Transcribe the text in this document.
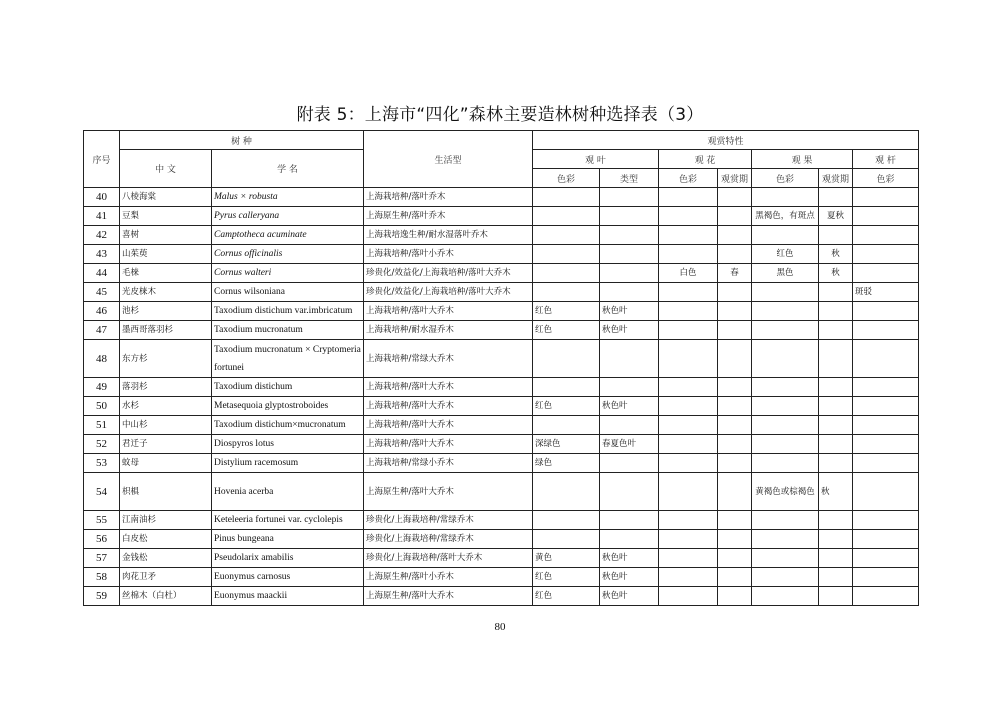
附表 5：上海市“四化”森林主要造林树种选择表（3）
序号	树 种		生活型	观赏特性						
	中 文	学 名		观 叶		观 花		观 果		观 杆
				色彩	类型	色彩	观赏期	色彩	观赏期	色彩
40	八棱海棠	Malus × robusta	上海栽培种/落叶乔木							
41	豆梨	Pyrus calleryana	上海原生种/落叶乔木					黑褐色，有斑点	夏秋	
42	喜树	Camptotheca acuminate	上海栽培逸生种/耐水湿落叶乔木							
43	山茱萸	Cornus officinalis	上海栽培种/落叶小乔木					红色	秋	
44	毛梾	Cornus walteri	珍贵化/效益化/上海栽培种/落叶大乔木			白色	春	黑色	秋	
45	光皮梾木	Cornus wilsoniana	珍贵化/效益化/上海栽培种/落叶大乔木							斑驳
46	池杉	Taxodium distichum var.imbricatum	上海栽培种/落叶大乔木	红色	秋色叶					
47	墨西哥落羽杉	Taxodium mucronatum	上海栽培种/耐水湿乔木	红色	秋色叶					
48	东方杉	Taxodium mucronatum × Cryptomeria fortunei	上海栽培种/常绿大乔木							
49	落羽杉	Taxodium distichum	上海栽培种/落叶大乔木							
50	水杉	Metasequoia glyptostroboides	上海栽培种/落叶大乔木	红色	秋色叶					
51	中山杉	Taxodium distichum×mucronatum	上海栽培种/落叶大乔木							
52	君迁子	Diospyros lotus	上海栽培种/落叶大乔木	深绿色	春夏色叶					
53	蚊母	Distylium racemosum	上海栽培种/常绿小乔木	绿色						
54	枳椇	Hovenia acerba	上海原生种/落叶大乔木					黄褐色或棕褐色	秋	
55	江南油杉	Keteleeria fortunei var. cyclolepis	珍贵化/上海栽培种/常绿乔木							
56	白皮松	Pinus bungeana	珍贵化/上海栽培种/常绿乔木							
57	金钱松	Pseudolarix amabilis	珍贵化/上海栽培种/落叶大乔木	黄色	秋色叶					
58	肉花卫矛	Euonymus carnosus	上海原生种/落叶小乔木	红色	秋色叶					
59	丝棉木（白杜）	Euonymus maackii	上海原生种/落叶大乔木	红色	秋色叶					
80
